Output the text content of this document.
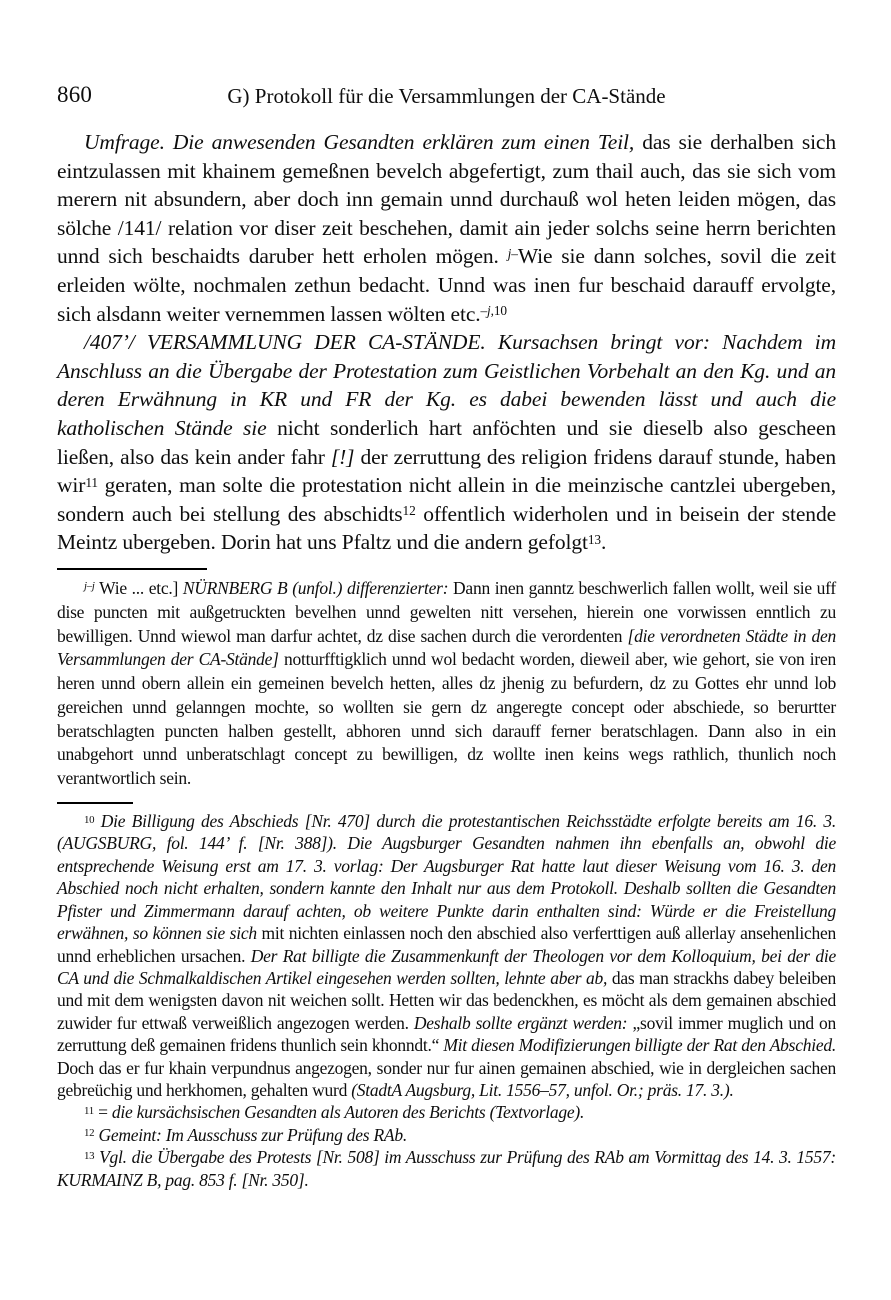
860	G) Protokoll für die Versammlungen der CA-Stände

Umfrage. Die anwesenden Gesandten erklären zum einen Teil, das sie derhalben sich eintzulassen mit khainem gemeßnen bevelch abgefertigt, zum thail auch, das sie sich vom merern nit absundern, aber doch inn gemain unnd durchauß wol heten leiden mögen, das sölche /141/ relation vor diser zeit beschehen, damit ain jeder solchs seine herrn berichten unnd sich beschaidts daruber hett erholen mögen. $^{j-}$Wie sie dann solches, sovil die zeit erleiden wölte, nochmalen zethun bedacht. Unnd was inen fur beschaid darauff ervolgte, sich alsdann weiter vernemmen lassen wölten etc.$^{-j,10}$

/407’/ VERSAMMLUNG DER CA-STÄNDE. Kursachsen bringt vor: Nachdem im Anschluss an die Übergabe der Protestation zum Geistlichen Vorbehalt an den Kg. und an deren Erwähnung in KR und FR der Kg. es dabei bewenden lässt und auch die katholischen Stände sie nicht sonderlich hart anföchten und sie dieselb also gescheen ließen, also das kein ander fahr [!] der zerruttung des religion fridens darauf stunde, haben wir$^{11}$ geraten, man solte die protestation nicht allein in die meinzische cantzlei ubergeben, sondern auch bei stellung des abschidts$^{12}$ offentlich widerholen und in beisein der stende Meintz ubergeben. Dorin hat uns Pfaltz und die andern gefolgt$^{13}$.

$^{j-j}$ Wie ... etc.] NÜRNBERG B (unfol.) differenzierter: Dann inen ganntz beschwerlich fallen wollt, weil sie uff dise puncten mit außgetruckten bevelhen unnd gewelten nitt versehen, hierein one vorwissen enntlich zu bewilligen. Unnd wiewol man darfur achtet, dz dise sachen durch die verordenten [die verordneten Städte in den Versammlungen der CA-Stände] notturfftigklich unnd wol bedacht worden, dieweil aber, wie gehort, sie von iren heren unnd obern allein ein gemeinen bevelch hetten, alles dz jhenig zu befurdern, dz zu Gottes ehr unnd lob gereichen unnd gelanngen mochte, so wollten sie gern dz angeregte concept oder abschiede, so berurtter beratschlagten puncten halben gestellt, abhoren unnd sich darauff ferner beratschlagen. Dann also in ein unabgehort unnd unberatschlagt concept zu bewilligen, dz wollte inen keins wegs rathlich, thunlich noch verantwortlich sein.

$^{10}$ Die Billigung des Abschieds [Nr. 470] durch die protestantischen Reichsstädte erfolgte bereits am 16. 3. (AUGSBURG, fol. 144’ f. [Nr. 388]). Die Augsburger Gesandten nahmen ihn ebenfalls an, obwohl die entsprechende Weisung erst am 17. 3. vorlag: Der Augsburger Rat hatte laut dieser Weisung vom 16. 3. den Abschied noch nicht erhalten, sondern kannte den Inhalt nur aus dem Protokoll. Deshalb sollten die Gesandten Pfister und Zimmermann darauf achten, ob weitere Punkte darin enthalten sind: Würde er die Freistellung erwähnen, so können sie sich mit nichten einlassen noch den abschied also verferttigen auß allerlay ansehenlichen unnd erheblichen ursachen. Der Rat billigte die Zusammenkunft der Theologen vor dem Kolloquium, bei der die CA und die Schmalkaldischen Artikel eingesehen werden sollten, lehnte aber ab, das man strackhs dabey beleiben und mit dem wenigsten davon nit weichen sollt. Hetten wir das bedenckhen, es möcht als dem gemainen abschied zuwider fur ettwaß verweißlich angezogen werden. Deshalb sollte ergänzt werden: „sovil immer muglich und on zerruttung deß gemainen fridens thunlich sein khonndt.“ Mit diesen Modifizierungen billigte der Rat den Abschied. Doch das er fur khain verpundnus angezogen, sonder nur fur ainen gemainen abschied, wie in dergleichen sachen gebreüchig und herkhomen, gehalten wurd (StadtA Augsburg, Lit. 1556–57, unfol. Or.; präs. 17. 3.).

$^{11}$ = die kursächsischen Gesandten als Autoren des Berichts (Textvorlage).

$^{12}$ Gemeint: Im Ausschuss zur Prüfung des RAb.

$^{13}$ Vgl. die Übergabe des Protests [Nr. 508] im Ausschuss zur Prüfung des RAb am Vormittag des 14. 3. 1557: KURMAINZ B, pag. 853 f. [Nr. 350].
